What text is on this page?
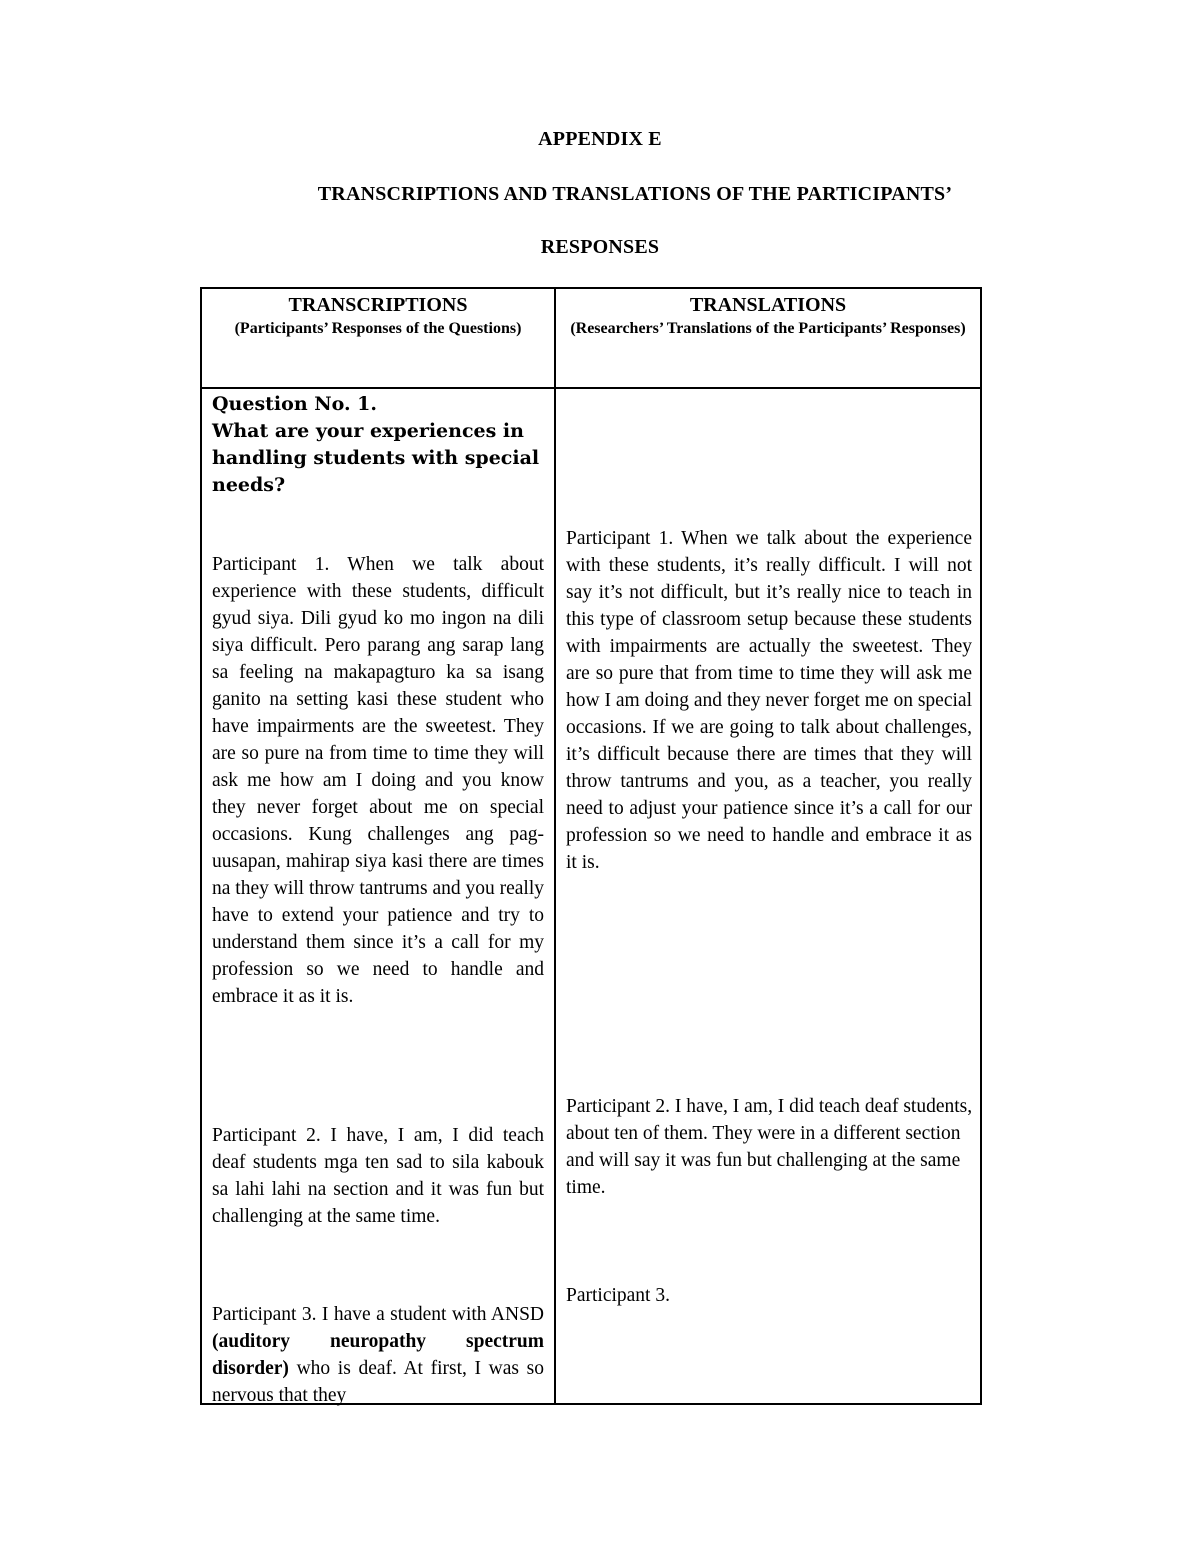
APPENDIX E
TRANSCRIPTIONS AND TRANSLATIONS OF THE PARTICIPANTS’
RESPONSES
TRANSCRIPTIONS
(Participants’ Responses of the Questions)
TRANSLATIONS
(Researchers’ Translations of the Participants’ Responses)
Question No. 1.
What are your experiences in handling students with special needs?
Participant 1. When we talk about experience with these students, difficult gyud siya. Dili gyud ko mo ingon na dili siya difficult. Pero parang ang sarap lang sa feeling na makapagturo ka sa isang ganito na setting kasi these student who have impairments are the sweetest. They are so pure na from time to time they will ask me how am I doing and you know they never forget about me on special occasions. Kung challenges ang pag- uusapan, mahirap siya kasi there are times na they will throw tantrums and you really have to extend your patience and try to understand them since it’s a call for my profession so we need to handle and embrace it as it is.
Participant 2. I have, I am, I did teach deaf students mga ten sad to sila kabouk sa lahi lahi na section and it was fun but challenging at the same time.
Participant 3. I have a student with ANSD (auditory neuropathy spectrum disorder) who is deaf. At first, I was so nervous that they
Participant 1. When we talk about the experience with these students, it’s really difficult. I will not say it’s not difficult, but it’s really nice to teach in this type of classroom setup because these students with impairments are actually the sweetest. They are so pure that from time to time they will ask me how I am doing and they never forget me on special occasions. If we are going to talk about challenges, it’s difficult because there are times that they will throw tantrums and you, as a teacher, you really need to adjust your patience since it’s a call for our profession so we need to handle and embrace it as it is.
Participant 2. I have, I am, I did teach deaf students, about ten of them. They were in a different section and will say it was fun but challenging at the same time.
Participant 3.
